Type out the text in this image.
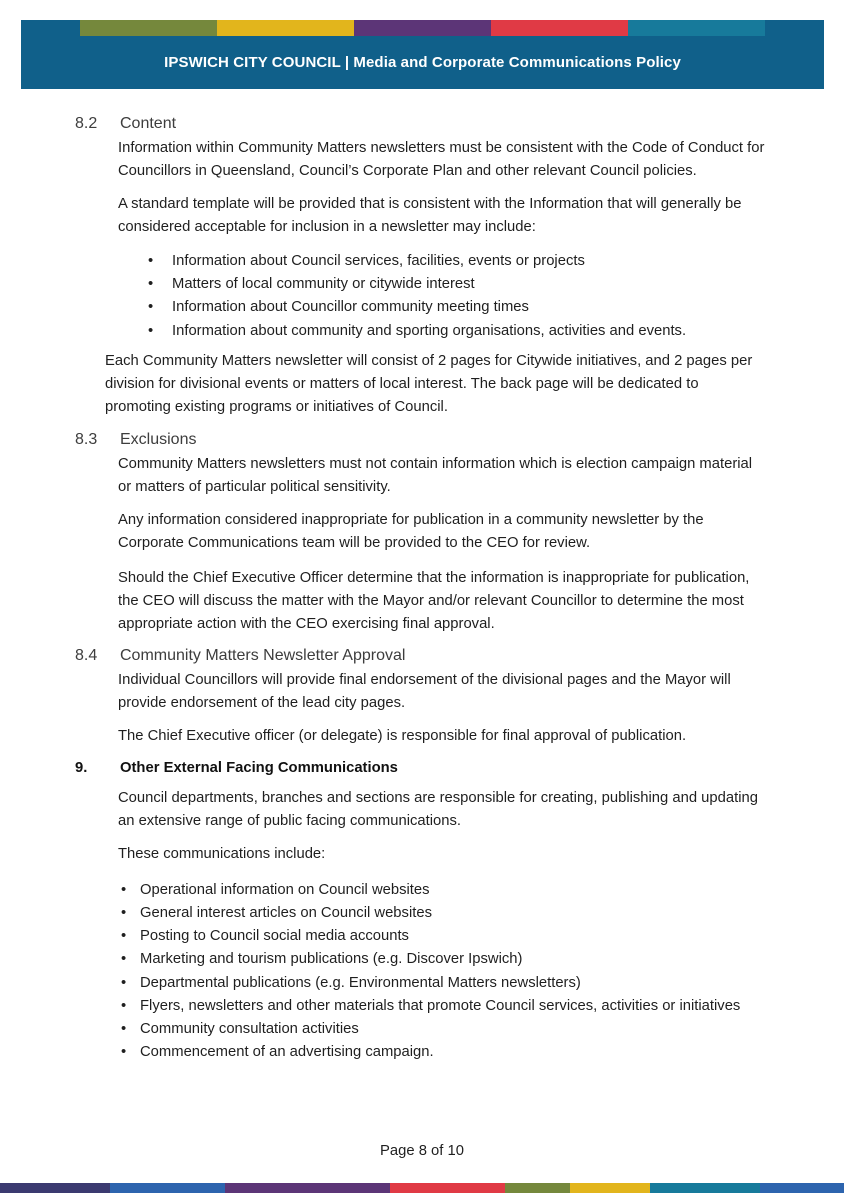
IPSWICH CITY COUNCIL | Media and Corporate Communications Policy
8.2 Content

Information within Community Matters newsletters must be consistent with the Code of Conduct for Councillors in Queensland, Council’s Corporate Plan and other relevant Council policies.

A standard template will be provided that is consistent with the Information that will generally be considered acceptable for inclusion in a newsletter may include:

• Information about Council services, facilities, events or projects
• Matters of local community or citywide interest
• Information about Councillor community meeting times
• Information about community and sporting organisations, activities and events.

Each Community Matters newsletter will consist of 2 pages for Citywide initiatives, and 2 pages per division for divisional events or matters of local interest. The back page will be dedicated to promoting existing programs or initiatives of Council.

8.3 Exclusions

Community Matters newsletters must not contain information which is election campaign material or matters of particular political sensitivity.

Any information considered inappropriate for publication in a community newsletter by the Corporate Communications team will be provided to the CEO for review.

Should the Chief Executive Officer determine that the information is inappropriate for publication, the CEO will discuss the matter with the Mayor and/or relevant Councillor to determine the most appropriate action with the CEO exercising final approval.

8.4 Community Matters Newsletter Approval

Individual Councillors will provide final endorsement of the divisional pages and the Mayor will provide endorsement of the lead city pages.

The Chief Executive officer (or delegate) is responsible for final approval of publication.

9. Other External Facing Communications

Council departments, branches and sections are responsible for creating, publishing and updating an extensive range of public facing communications.

These communications include:

• Operational information on Council websites
• General interest articles on Council websites
• Posting to Council social media accounts
• Marketing and tourism publications (e.g. Discover Ipswich)
• Departmental publications (e.g. Environmental Matters newsletters)
• Flyers, newsletters and other materials that promote Council services, activities or initiatives
• Community consultation activities
• Commencement of an advertising campaign.
Page 8 of 10
